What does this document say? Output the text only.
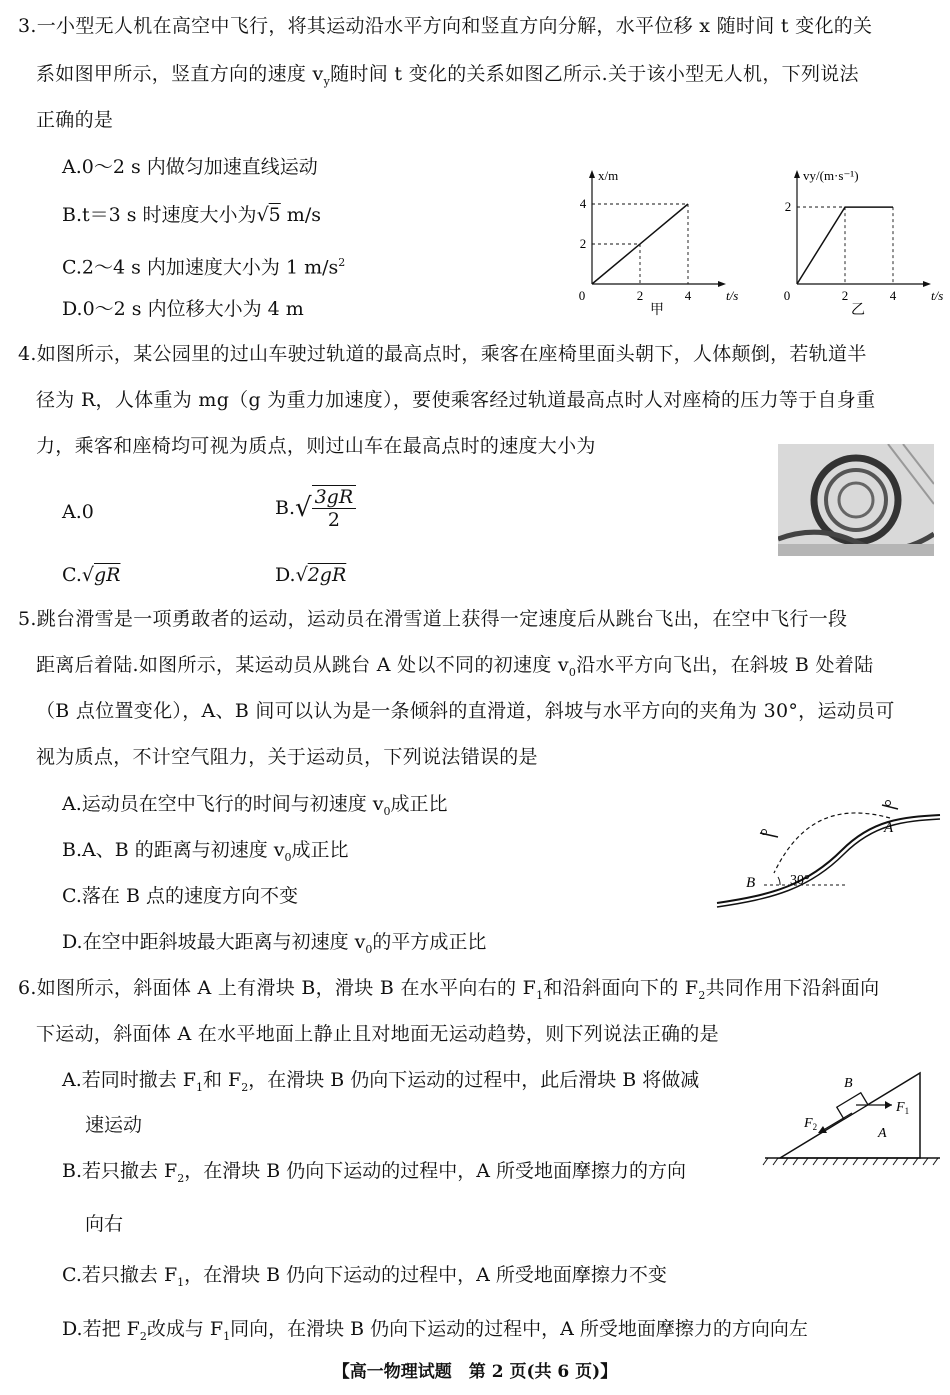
3.一小型无人机在高空中飞行，将其运动沿水平方向和竖直方向分解，水平位移 x 随时间 t 变化的关
系如图甲所示，竖直方向的速度 $v_y$随时间 t 变化的关系如图乙所示.关于该小型无人机，下列说法
正确的是
A.0～2 s 内做匀加速直线运动
B.t＝3 s 时速度大小为√5 m/s
C.2～4 s 内加速度大小为 1 $m/s^2$
D.0～2 s 内位移大小为 4 m
t/s
x/m
0	2	4
2
4
甲
t/s
vy/(m·s⁻¹)
0	2	4
2
乙
4.如图所示，某公园里的过山车驶过轨道的最高点时，乘客在座椅里面头朝下，人体颠倒，若轨道半
径为 R，人体重为 mg（g 为重力加速度），要使乘客经过轨道最高点时人对座椅的压力等于自身重
力，乘客和座椅均可视为质点，则过山车在最高点时的速度大小为
A.0	$B.√ \frac{3gR}{2}$
C.√gR	D.√2gR
5.跳台滑雪是一项勇敢者的运动，运动员在滑雪道上获得一定速度后从跳台飞出，在空中飞行一段
距离后着陆.如图所示，某运动员从跳台 A 处以不同的初速度 $v_0$沿水平方向飞出，在斜坡 B 处着陆
（B 点位置变化），A、B 间可以认为是一条倾斜的直滑道，斜坡与水平方向的夹角为 30°，运动员可
视为质点，不计空气阻力，关于运动员，下列说法错误的是
A.运动员在空中飞行的时间与初速度 $v_0$成正比
B.A、B 的距离与初速度 $v_0$成正比
C.落在 B 点的速度方向不变
D.在空中距斜坡最大距离与初速度 $v_0$的平方成正比
A
B 30°
6.如图所示，斜面体 A 上有滑块 B，滑块 B 在水平向右的 $F_1$和沿斜面向下的 $F_2$共同作用下沿斜面向
下运动，斜面体 A 在水平地面上静止且对地面无运动趋势，则下列说法正确的是
A.若同时撤去 $F_1$和 $F_2$，在滑块 B 仍向下运动的过程中，此后滑块 B 将做减
速运动
B.若只撤去 $F_2$，在滑块 B 仍向下运动的过程中，A 所受地面摩擦力的方向
向右
C.若只撤去 $F_1$，在滑块 B 仍向下运动的过程中，A 所受地面摩擦力不变
D.若把 $F_2$改成与 $F_1$同向，在滑块 B 仍向下运动的过程中，A 所受地面摩擦力的方向向左
B
A
$F_1$
$F_2$
【高一物理试题　第 2 页(共 6 页)】
